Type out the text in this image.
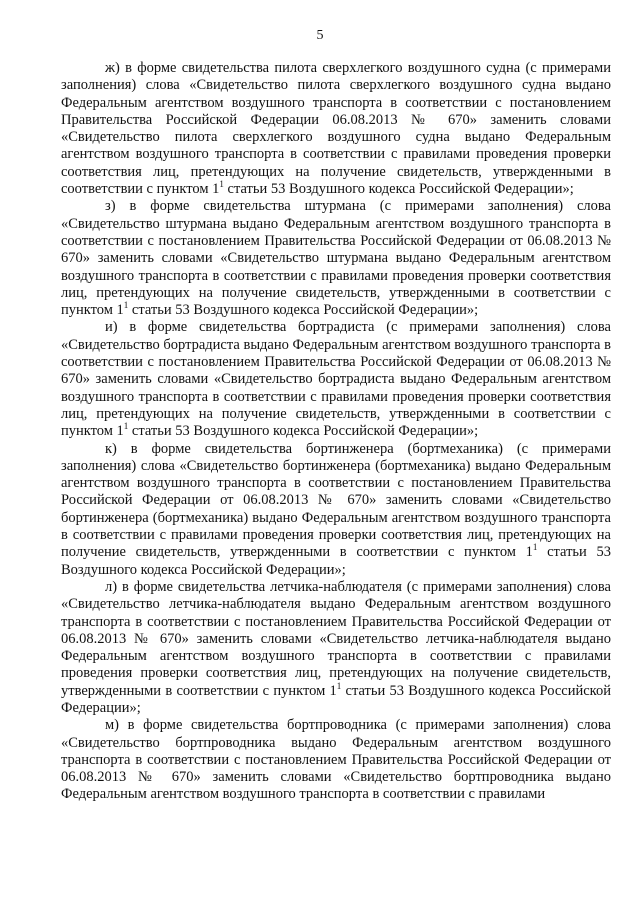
5

ж) в форме свидетельства пилота сверхлегкого воздушного судна (с примерами заполнения) слова «Свидетельство пилота сверхлегкого воздушного судна выдано Федеральным агентством воздушного транспорта в соответствии с постановлением Правительства Российской Федерации 06.08.2013 № 670» заменить словами «Свидетельство пилота сверхлегкого воздушного судна выдано Федеральным агентством воздушного транспорта в соответствии с правилами проведения проверки соответствия лиц, претендующих на получение свидетельств, утвержденными в соответствии с пунктом $1^1$ статьи 53 Воздушного кодекса Российской Федерации»;

з) в форме свидетельства штурмана (с примерами заполнения) слова «Свидетельство штурмана выдано Федеральным агентством воздушного транспорта в соответствии с постановлением Правительства Российской Федерации от 06.08.2013 № 670» заменить словами «Свидетельство штурмана выдано Федеральным агентством воздушного транспорта в соответствии с правилами проведения проверки соответствия лиц, претендующих на получение свидетельств, утвержденными в соответствии с пунктом $1^1$ статьи 53 Воздушного кодекса Российской Федерации»;

и) в форме свидетельства бортрадиста (с примерами заполнения) слова «Свидетельство бортрадиста выдано Федеральным агентством воздушного транспорта в соответствии с постановлением Правительства Российской Федерации от 06.08.2013 № 670» заменить словами «Свидетельство бортрадиста выдано Федеральным агентством воздушного транспорта в соответствии с правилами проведения проверки соответствия лиц, претендующих на получение свидетельств, утвержденными в соответствии с пунктом $1^1$ статьи 53 Воздушного кодекса Российской Федерации»;

к) в форме свидетельства бортинженера (бортмеханика) (с примерами заполнения) слова «Свидетельство бортинженера (бортмеханика) выдано Федеральным агентством воздушного транспорта в соответствии с постановлением Правительства Российской Федерации от 06.08.2013 № 670» заменить словами «Свидетельство бортинженера (бортмеханика) выдано Федеральным агентством воздушного транспорта в соответствии с правилами проведения проверки соответствия лиц, претендующих на получение свидетельств, утвержденными в соответствии с пунктом $1^1$ статьи 53 Воздушного кодекса Российской Федерации»;

л) в форме свидетельства летчика-наблюдателя (с примерами заполнения) слова «Свидетельство летчика-наблюдателя выдано Федеральным агентством воздушного транспорта в соответствии с постановлением Правительства Российской Федерации от 06.08.2013 № 670» заменить словами «Свидетельство летчика-наблюдателя выдано Федеральным агентством воздушного транспорта в соответствии с правилами проведения проверки соответствия лиц, претендующих на получение свидетельств, утвержденными в соответствии с пунктом $1^1$ статьи 53 Воздушного кодекса Российской Федерации»;

м) в форме свидетельства бортпроводника (с примерами заполнения) слова «Свидетельство бортпроводника выдано Федеральным агентством воздушного транспорта в соответствии с постановлением Правительства Российской Федерации от 06.08.2013 № 670» заменить словами «Свидетельство бортпроводника выдано Федеральным агентством воздушного транспорта в соответствии с правилами
